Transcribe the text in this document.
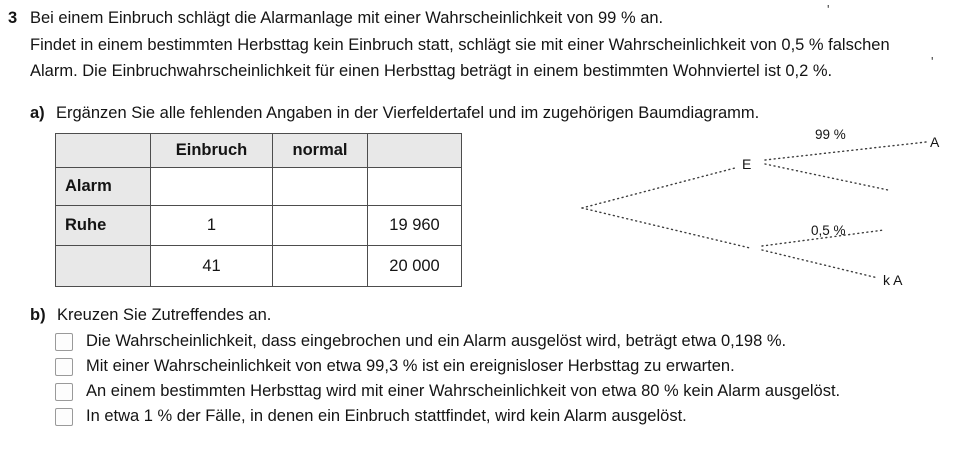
3 Bei einem Einbruch schlägt die Alarmanlage mit einer Wahrscheinlichkeit von 99 % an.
Findet in einem bestimmten Herbsttag kein Einbruch statt, schlägt sie mit einer Wahrscheinlichkeit von 0,5 % falschen
Alarm. Die Einbruchwahrscheinlichkeit für einen Herbsttag beträgt in einem bestimmten Wohnviertel ist 0,2 %.
'
'
a) Ergänzen Sie alle fehlenden Angaben in der Vierfeldertafel und im zugehörigen Baumdiagramm.
	Einbruch	normal	
Alarm			
Ruhe	1		19 960
	41		20 000
E
99 %	A
0,5 %
k A
b) Kreuzen Sie Zutreffendes an.
Die Wahrscheinlichkeit, dass eingebrochen und ein Alarm ausgelöst wird, beträgt etwa 0,198 %.
Mit einer Wahrscheinlichkeit von etwa 99,3 % ist ein ereignisloser Herbsttag zu erwarten.
An einem bestimmten Herbsttag wird mit einer Wahrscheinlichkeit von etwa 80 % kein Alarm ausgelöst.
In etwa 1 % der Fälle, in denen ein Einbruch stattfindet, wird kein Alarm ausgelöst.
